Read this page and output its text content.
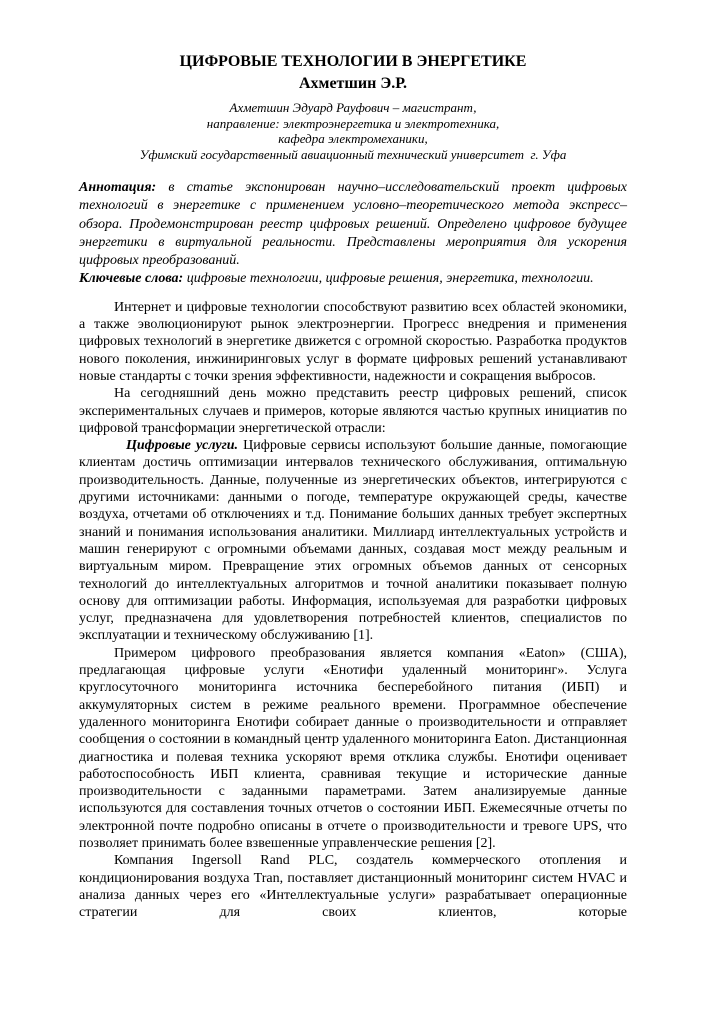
ЦИФРОВЫЕ ТЕХНОЛОГИИ В ЭНЕРГЕТИКЕ
Ахметшин Э.Р.
Ахметшин Эдуард Рауфович – магистрант,
направление: электроэнергетика и электротехника,
кафедра электромеханики,
Уфимский государственный авиационный технический университет  г. Уфа

Аннотация: в статье экспонирован научно–исследовательский проект цифровых технологий в энергетике с применением условно–теоретического метода экспресс–обзора. Продемонстрирован реестр цифровых решений. Определено цифровое будущее энергетики в виртуальной реальности. Представлены мероприятия для ускорения цифровых преобразований.

Ключевые слова: цифровые технологии, цифровые решения, энергетика, технологии.

Интернет и цифровые технологии способствуют развитию всех областей экономики, а также эволюционируют рынок электроэнергии. Прогресс внедрения и применения цифровых технологий в энергетике движется с огромной скоростью. Разработка продуктов нового поколения, инжиниринговых услуг в формате цифровых решений устанавливают новые стандарты с точки зрения эффективности, надежности и сокращения выбросов.

На сегодняшний день можно представить реестр цифровых решений, список экспериментальных случаев и примеров, которые являются частью крупных инициатив по цифровой трансформации энергетической отрасли:

Цифровые услуги. Цифровые сервисы используют большие данные, помогающие клиентам достичь оптимизации интервалов технического обслуживания, оптимальную производительность. Данные, полученные из энергетических объектов, интегрируются с другими источниками: данными о погоде, температуре окружающей среды, качестве воздуха, отчетами об отключениях и т.д. Понимание больших данных требует экспертных знаний и понимания использования аналитики. Миллиард интеллектуальных устройств и машин генерируют с огромными объемами данных, создавая мост между реальным и виртуальным миром. Превращение этих огромных объемов данных от сенсорных технологий до интеллектуальных алгоритмов и точной аналитики показывает полную основу для оптимизации работы. Информация, используемая для разработки цифровых услуг, предназначена для удовлетворения потребностей клиентов, специалистов по эксплуатации и техническому обслуживанию [1].

Примером цифрового преобразования является компания «Eaton» (США), предлагающая цифровые услуги «Енотифи удаленный мониторинг». Услуга круглосуточного мониторинга источника бесперебойного питания (ИБП) и аккумуляторных систем в режиме реального времени. Программное обеспечение удаленного мониторинга Енотифи собирает данные о производительности и отправляет сообщения о состоянии в командный центр удаленного мониторинга Eaton. Дистанционная диагностика и полевая техника ускоряют время отклика службы. Енотифи оценивает работоспособность ИБП клиента, сравнивая текущие и исторические данные производительности с заданными параметрами. Затем анализируемые данные используются для составления точных отчетов о состоянии ИБП. Ежемесячные отчеты по электронной почте подробно описаны в отчете о производительности и тревоге UPS, что позволяет принимать более взвешенные управленческие решения [2].

Компания Ingersoll Rand PLC, создатель коммерческого отопления и кондиционирования воздуха Tran, поставляет дистанционный мониторинг систем HVAC и анализа данных через его «Интеллектуальные услуги» разрабатывает операционные стратегии для своих клиентов, которые
